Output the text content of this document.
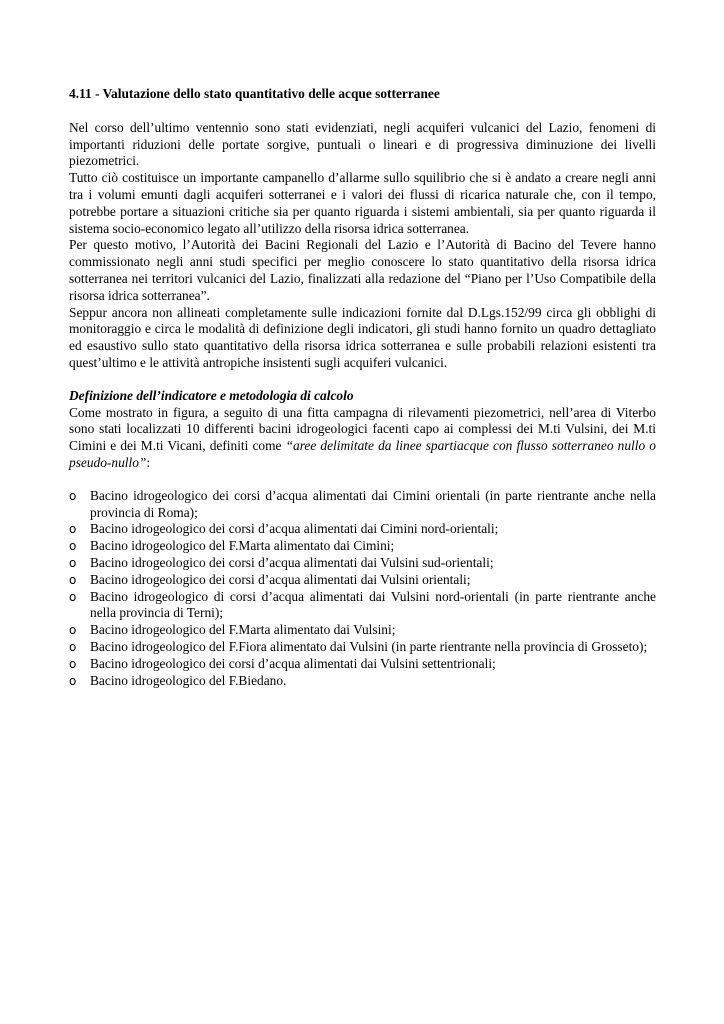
4.11 - Valutazione dello stato quantitativo delle acque sotterranee

Nel corso dell’ultimo ventennio sono stati evidenziati, negli acquiferi vulcanici del Lazio, fenomeni di importanti riduzioni delle portate sorgive, puntuali o lineari e di progressiva diminuzione dei livelli piezometrici.

Tutto ciò costituisce un importante campanello d’allarme sullo squilibrio che si è andato a creare negli anni tra i volumi emunti dagli acquiferi sotterranei e i valori dei flussi di ricarica naturale che, con il tempo, potrebbe portare a situazioni critiche sia per quanto riguarda i sistemi ambientali, sia per quanto riguarda il sistema socio-economico legato all’utilizzo della risorsa idrica sotterranea.

Per questo motivo, l’Autorità dei Bacini Regionali del Lazio e l’Autorità di Bacino del Tevere hanno commissionato negli anni studi specifici per meglio conoscere lo stato quantitativo della risorsa idrica sotterranea nei territori vulcanici del Lazio, finalizzati alla redazione del “Piano per l’Uso Compatibile della risorsa idrica sotterranea”.

Seppur ancora non allineati completamente sulle indicazioni fornite dal D.Lgs.152/99 circa gli obblighi di monitoraggio e circa le modalità di definizione degli indicatori, gli studi hanno fornito un quadro dettagliato ed esaustivo sullo stato quantitativo della risorsa idrica sotterranea e sulle probabili relazioni esistenti tra quest’ultimo e le attività antropiche insistenti sugli acquiferi vulcanici.

Definizione dell’indicatore e metodologia di calcolo

Come mostrato in figura, a seguito di una fitta campagna di rilevamenti piezometrici, nell’area di Viterbo sono stati localizzati 10 differenti bacini idrogeologici facenti capo ai complessi dei M.ti Vulsini, dei M.ti Cimini e dei M.ti Vicani, definiti come “aree delimitate da linee spartiacque con flusso sotterraneo nullo o pseudo-nullo”:

o Bacino idrogeologico dei corsi d’acqua alimentati dai Cimini orientali (in parte rientrante anche nella provincia di Roma);
o Bacino idrogeologico dei corsi d’acqua alimentati dai Cimini nord-orientali;
o Bacino idrogeologico del F.Marta alimentato dai Cimini;
o Bacino idrogeologico dei corsi d’acqua alimentati dai Vulsini sud-orientali;
o Bacino idrogeologico dei corsi d’acqua alimentati dai Vulsini orientali;
o Bacino idrogeologico di corsi d’acqua alimentati dai Vulsini nord-orientali (in parte rientrante anche nella provincia di Terni);
o Bacino idrogeologico del F.Marta alimentato dai Vulsini;
o Bacino idrogeologico del F.Fiora alimentato dai Vulsini (in parte rientrante nella provincia di Grosseto);
o Bacino idrogeologico dei corsi d’acqua alimentati dai Vulsini settentrionali;
o Bacino idrogeologico del F.Biedano.
